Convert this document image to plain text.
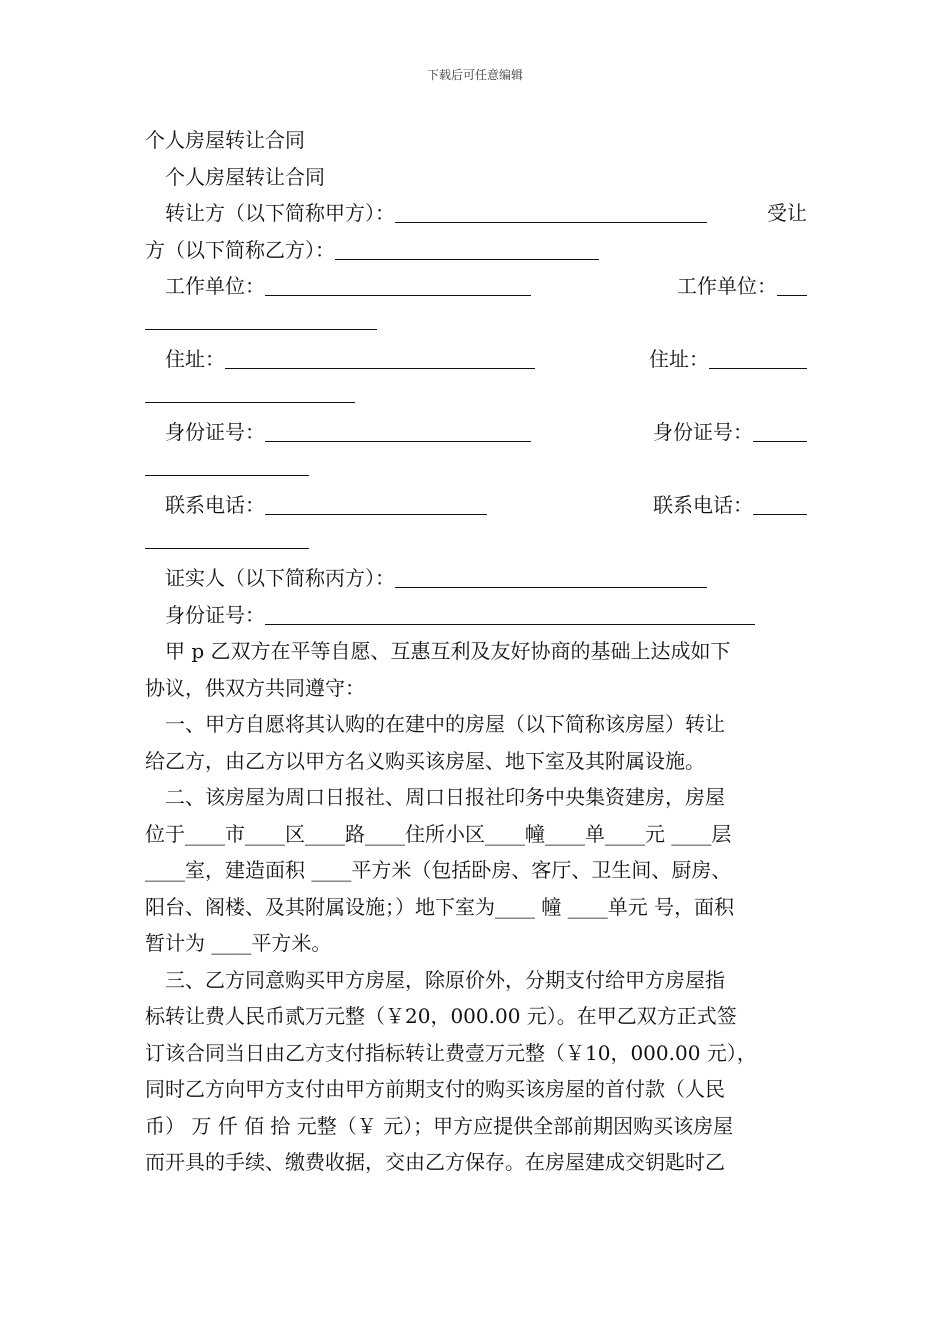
下载后可任意编辑
个人房屋转让合同
个人房屋转让合同
转让方（以下简称甲方）：	受让
方（以下简称乙方）：
工作单位：	工作单位：
住址：	住址：
身份证号：	身份证号：
联系电话：	联系电话：
证实人（以下简称丙方）：
身份证号：
甲 p 乙双方在平等自愿、互惠互利及友好协商的基础上达成如下
协议，供双方共同遵守：
一、甲方自愿将其认购的在建中的房屋（以下简称该房屋）转让
给乙方，由乙方以甲方名义购买该房屋、地下室及其附属设施。
二、该房屋为周口日报社、周口日报社印务中央集资建房，房屋
位于____市____区____路____住所小区____幢____单____元 ____层
____室，建造面积 ____平方米（包括卧房、客厅、卫生间、厨房、
阳台、阁楼、及其附属设施；）地下室为____ 幢 ____单元 号，面积
暂计为 ____平方米。
三、乙方同意购买甲方房屋，除原价外，分期支付给甲方房屋指
标转让费人民币贰万元整（￥20，000.00 元）。在甲乙双方正式签
订该合同当日由乙方支付指标转让费壹万元整（￥10，000.00 元），
同时乙方向甲方支付由甲方前期支付的购买该房屋的首付款（人民
币） 万 仟 佰 拾 元整（￥ 元）；甲方应提供全部前期因购买该房屋
而开具的手续、缴费收据，交由乙方保存。在房屋建成交钥匙时乙
